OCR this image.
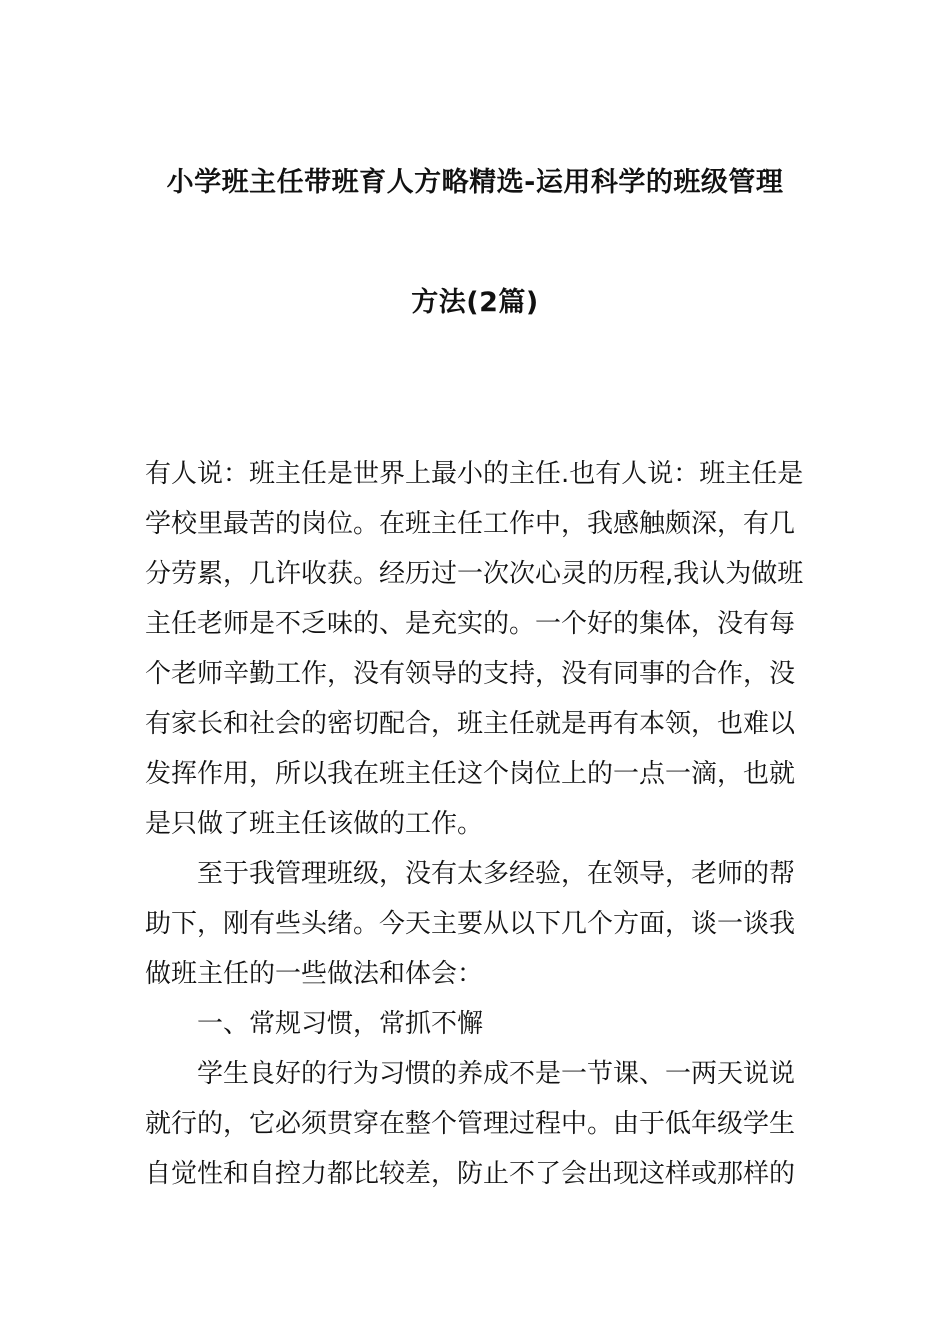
小学班主任带班育人方略精选-运用科学的班级管理
方法(2篇)
有人说：班主任是世界上最小的主任.也有人说：班主任是
学校里最苦的岗位。在班主任工作中，我感触颇深，有几
分劳累，几许收获。经历过一次次心灵的历程,我认为做班
主任老师是不乏味的、是充实的。一个好的集体，没有每
个老师辛勤工作，没有领导的支持，没有同事的合作，没
有家长和社会的密切配合，班主任就是再有本领，也难以
发挥作用，所以我在班主任这个岗位上的一点一滴，也就
是只做了班主任该做的工作。
至于我管理班级，没有太多经验，在领导，老师的帮
助下，刚有些头绪。今天主要从以下几个方面，谈一谈我
做班主任的一些做法和体会：
一、常规习惯，常抓不懈
学生良好的行为习惯的养成不是一节课、一两天说说
就行的，它必须贯穿在整个管理过程中。由于低年级学生
自觉性和自控力都比较差，防止不了会出现这样或那样的
